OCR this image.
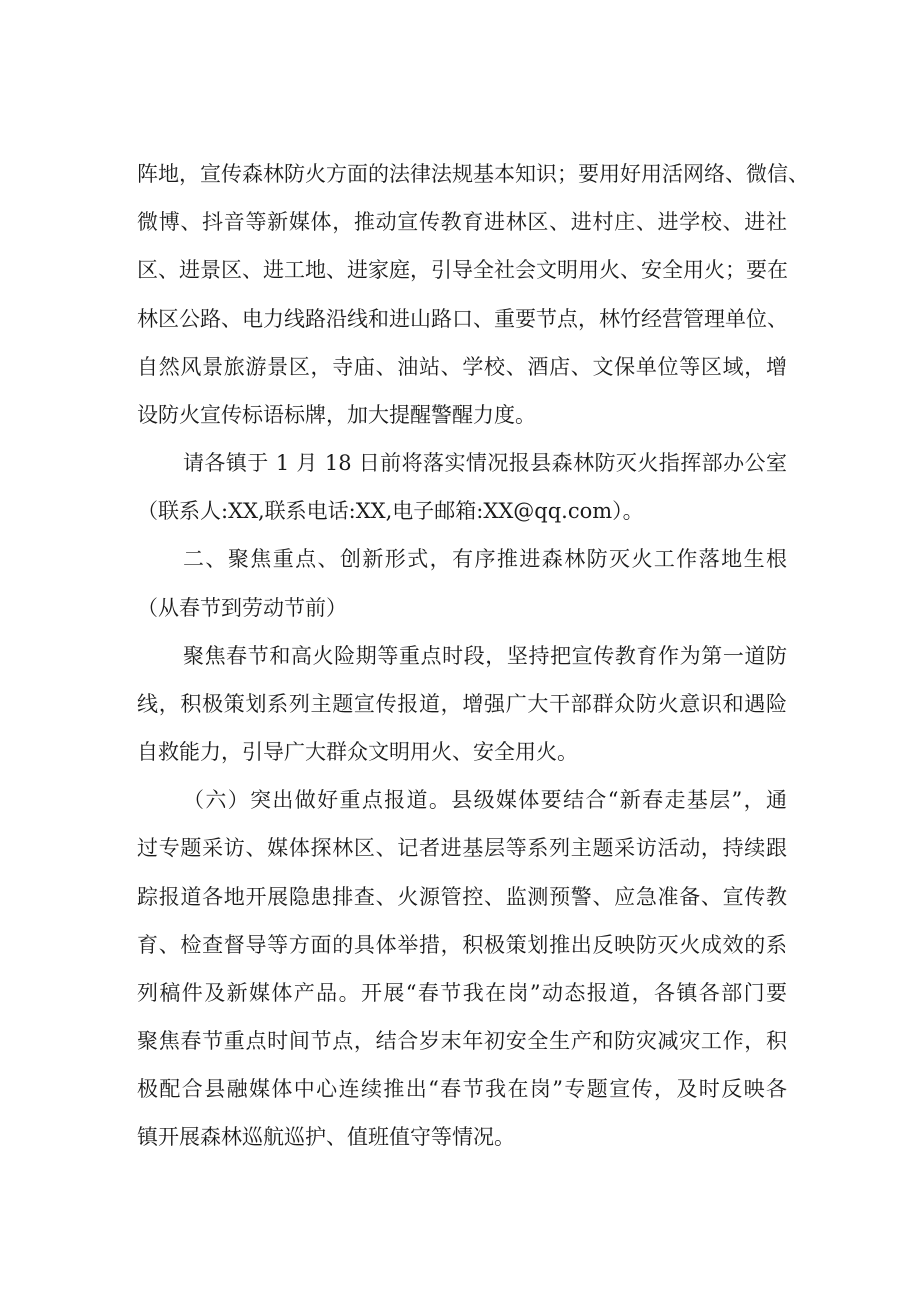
阵地，宣传森林防火方面的法律法规基本知识；要用好用活网络、微信、
微博、抖音等新媒体，推动宣传教育进林区、进村庄、进学校、进社
区、进景区、进工地、进家庭，引导全社会文明用火、安全用火；要在
林区公路、电力线路沿线和进山路口、重要节点，林竹经营管理单位、
自然风景旅游景区，寺庙、油站、学校、酒店、文保单位等区域，增
设防火宣传标语标牌，加大提醒警醒力度。
请各镇于 1 月 18 日前将落实情况报县森林防灭火指挥部办公室
（联系人:XX,联系电话:XX,电子邮箱:XX@qq.com）。
二、聚焦重点、创新形式，有序推进森林防灭火工作落地生根
（从春节到劳动节前）
聚焦春节和高火险期等重点时段，坚持把宣传教育作为第一道防
线，积极策划系列主题宣传报道，增强广大干部群众防火意识和遇险
自救能力，引导广大群众文明用火、安全用火。
（六）突出做好重点报道。县级媒体要结合“新春走基层”，通
过专题采访、媒体探林区、记者进基层等系列主题采访活动，持续跟
踪报道各地开展隐患排查、火源管控、监测预警、应急准备、宣传教
育、检查督导等方面的具体举措，积极策划推出反映防灭火成效的系
列稿件及新媒体产品。开展“春节我在岗”动态报道，各镇各部门要
聚焦春节重点时间节点，结合岁末年初安全生产和防灾减灾工作，积
极配合县融媒体中心连续推出“春节我在岗”专题宣传，及时反映各
镇开展森林巡航巡护、值班值守等情况。
